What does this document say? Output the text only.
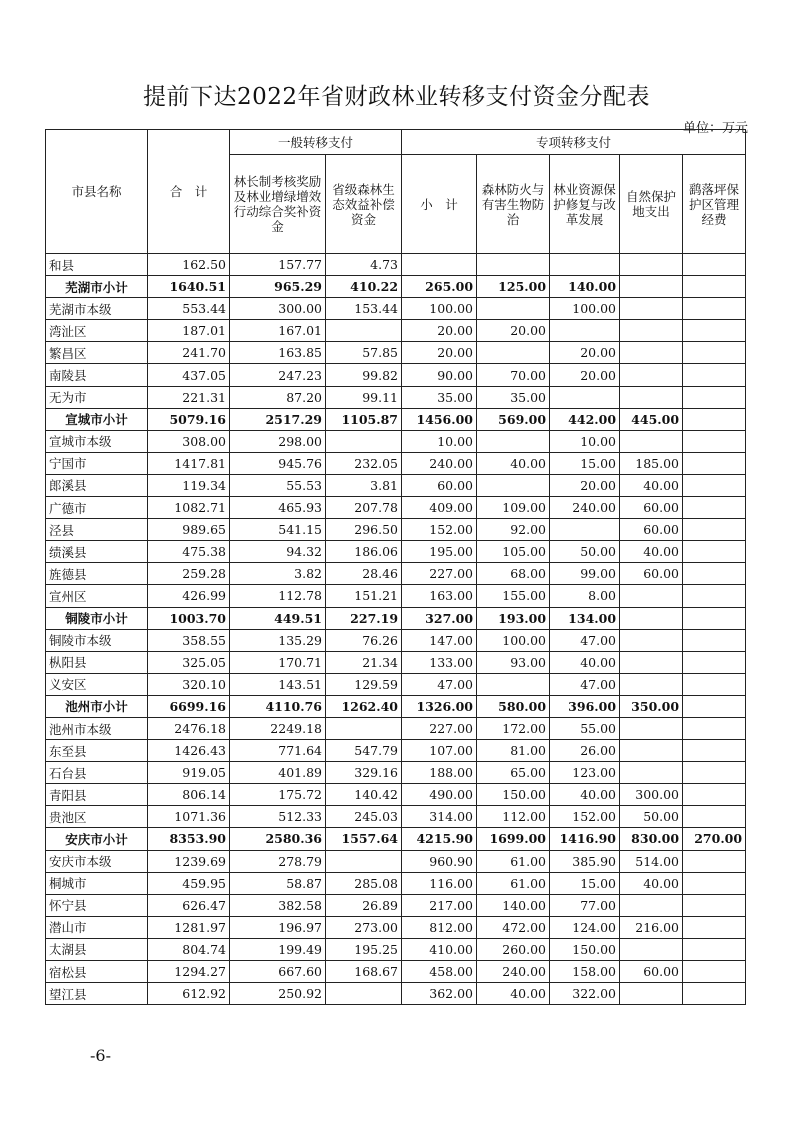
提前下达2022年省财政林业转移支付资金分配表
单位：万元
市县名称	合　计	一般转移支付		专项转移支付				
		林长制考核奖励及林业增绿增效行动综合奖补资金	省级森林生态效益补偿资金	小　计	森林防火与有害生物防治	林业资源保护修复与改革发展	自然保护地支出	鹞落坪保护区管理经费
和县	162.50	157.77	4.73					
芜湖市小计	1640.51	965.29	410.22	265.00	125.00	140.00		
芜湖市本级	553.44	300.00	153.44	100.00		100.00		
湾沚区	187.01	167.01		20.00	20.00			
繁昌区	241.70	163.85	57.85	20.00		20.00		
南陵县	437.05	247.23	99.82	90.00	70.00	20.00		
无为市	221.31	87.20	99.11	35.00	35.00			
宣城市小计	5079.16	2517.29	1105.87	1456.00	569.00	442.00	445.00	
宣城市本级	308.00	298.00		10.00		10.00		
宁国市	1417.81	945.76	232.05	240.00	40.00	15.00	185.00	
郎溪县	119.34	55.53	3.81	60.00		20.00	40.00	
广德市	1082.71	465.93	207.78	409.00	109.00	240.00	60.00	
泾县	989.65	541.15	296.50	152.00	92.00		60.00	
绩溪县	475.38	94.32	186.06	195.00	105.00	50.00	40.00	
旌德县	259.28	3.82	28.46	227.00	68.00	99.00	60.00	
宣州区	426.99	112.78	151.21	163.00	155.00	8.00		
铜陵市小计	1003.70	449.51	227.19	327.00	193.00	134.00		
铜陵市本级	358.55	135.29	76.26	147.00	100.00	47.00		
枞阳县	325.05	170.71	21.34	133.00	93.00	40.00		
义安区	320.10	143.51	129.59	47.00		47.00		
池州市小计	6699.16	4110.76	1262.40	1326.00	580.00	396.00	350.00	
池州市本级	2476.18	2249.18		227.00	172.00	55.00		
东至县	1426.43	771.64	547.79	107.00	81.00	26.00		
石台县	919.05	401.89	329.16	188.00	65.00	123.00		
青阳县	806.14	175.72	140.42	490.00	150.00	40.00	300.00	
贵池区	1071.36	512.33	245.03	314.00	112.00	152.00	50.00	
安庆市小计	8353.90	2580.36	1557.64	4215.90	1699.00	1416.90	830.00	270.00
安庆市本级	1239.69	278.79		960.90	61.00	385.90	514.00	
桐城市	459.95	58.87	285.08	116.00	61.00	15.00	40.00	
怀宁县	626.47	382.58	26.89	217.00	140.00	77.00		
潜山市	1281.97	196.97	273.00	812.00	472.00	124.00	216.00	
太湖县	804.74	199.49	195.25	410.00	260.00	150.00		
宿松县	1294.27	667.60	168.67	458.00	240.00	158.00	60.00	
望江县	612.92	250.92		362.00	40.00	322.00		
-6-
